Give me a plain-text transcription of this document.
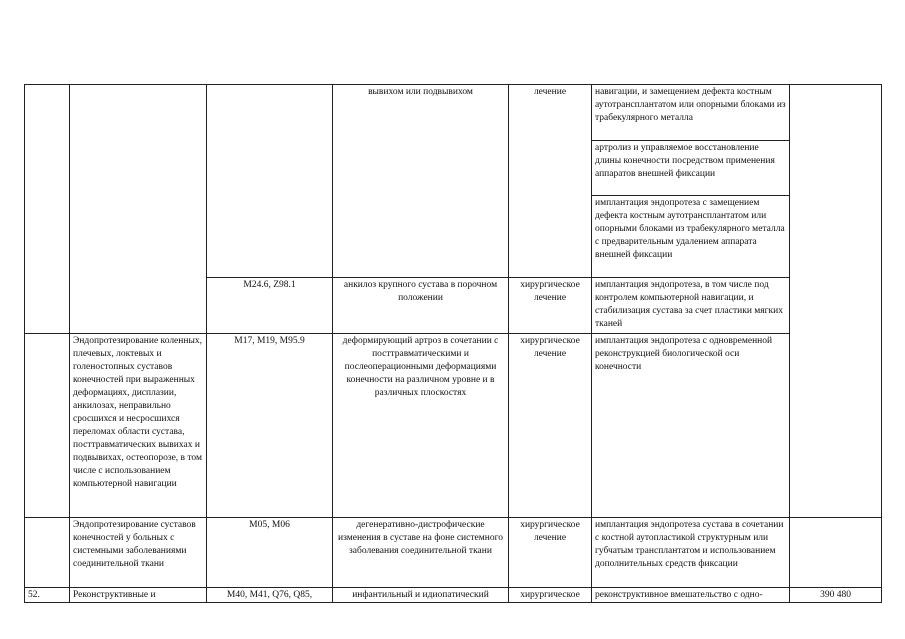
			вывихом или подвывихом	лечение	навигации, и замещением дефекта костным аутотрансплантатом или опорными блоками из трабекулярного металла	
					артролиз и управляемое восстановление длины конечности посредством применения аппаратов внешней фиксации	
					имплантация эндопротеза с замещением дефекта костным аутотрансплантатом или опорными блоками из трабекулярного металла с предварительным удалением аппарата внешней фиксации	
		M24.6, Z98.1	анкилоз крупного сустава в порочном положении	хирургическое лечение	имплантация эндопротеза, в том числе под контролем компьютерной навигации, и стабилизация сустава за счет пластики мягких тканей	
	Эндопротезирование коленных, плечевых, локтевых и голеностопных суставов конечностей при выраженных деформациях, дисплазии, анкилозах, неправильно сросшихся и несросшихся переломах области сустава, посттравматических вывихах и подвывихах, остеопорозе, в том числе с использованием компьютерной навигации	M17, M19, M95.9	деформирующий артроз в сочетании с посттравматическими и послеоперационными деформациями конечности на различном уровне и в различных плоскостях	хирургическое лечение	имплантация эндопротеза с одновременной реконструкцией биологической оси конечности	
	Эндопротезирование суставов конечностей у больных с системными заболеваниями соединительной ткани	M05, M06	дегенеративно-дистрофические изменения в суставе на фоне системного заболевания соединительной ткани	хирургическое лечение	имплантация эндопротеза сустава в сочетании с костной аутопластикой структурным или губчатым трансплантатом и использованием дополнительных средств фиксации	
52.	Реконструктивные и	M40, M41, Q76, Q85,	инфантильный и идиопатический	хирургическое	реконструктивное вмешательство с одно-	390 480
